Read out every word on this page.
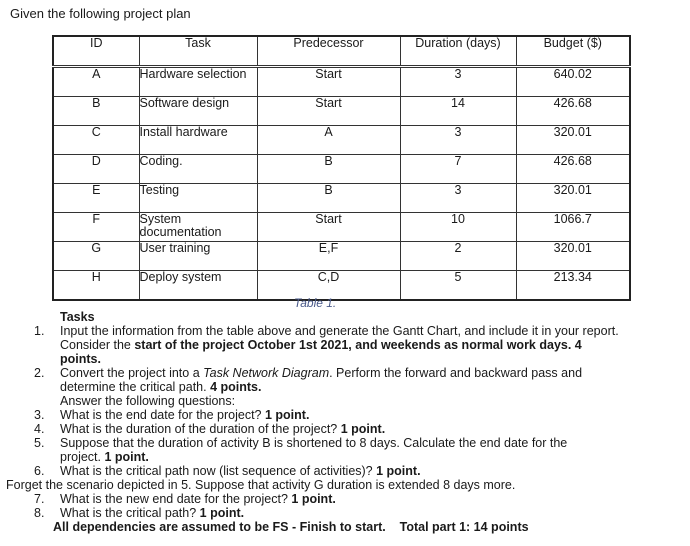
Given the following project plan
ID	Task	Predecessor	Duration (days)	Budget ($)
A	Hardware selection	Start	3	640.02
B	Software design	Start	14	426.68
C	Install hardware	A	3	320.01
D	Coding.	B	7	426.68
E	Testing	B	3	320.01
F	System documentation	Start	10	1066.7
G	User training	E,F	2	320.01
H	Deploy system	C,D	5	213.34
Table 1.
Tasks
1. Input the information from the table above and generate the Gantt Chart, and include it in your report. Consider the start of the project October 1st 2021, and weekends as normal work days. 4 points.
2. Convert the project into a Task Network Diagram. Perform the forward and backward pass and determine the critical path. 4 points.
Answer the following questions:
3. What is the end date for the project? 1 point.
4. What is the duration of the duration of the project? 1 point.
5. Suppose that the duration of activity B is shortened to 8 days. Calculate the end date for the project. 1 point.
6. What is the critical path now (list sequence of activities)? 1 point.
Forget the scenario depicted in 5. Suppose that activity G duration is extended 8 days more.
7. What is the new end date for the project? 1 point.
8. What is the critical path? 1 point.
All dependencies are assumed to be FS - Finish to start.    Total part 1: 14 points
